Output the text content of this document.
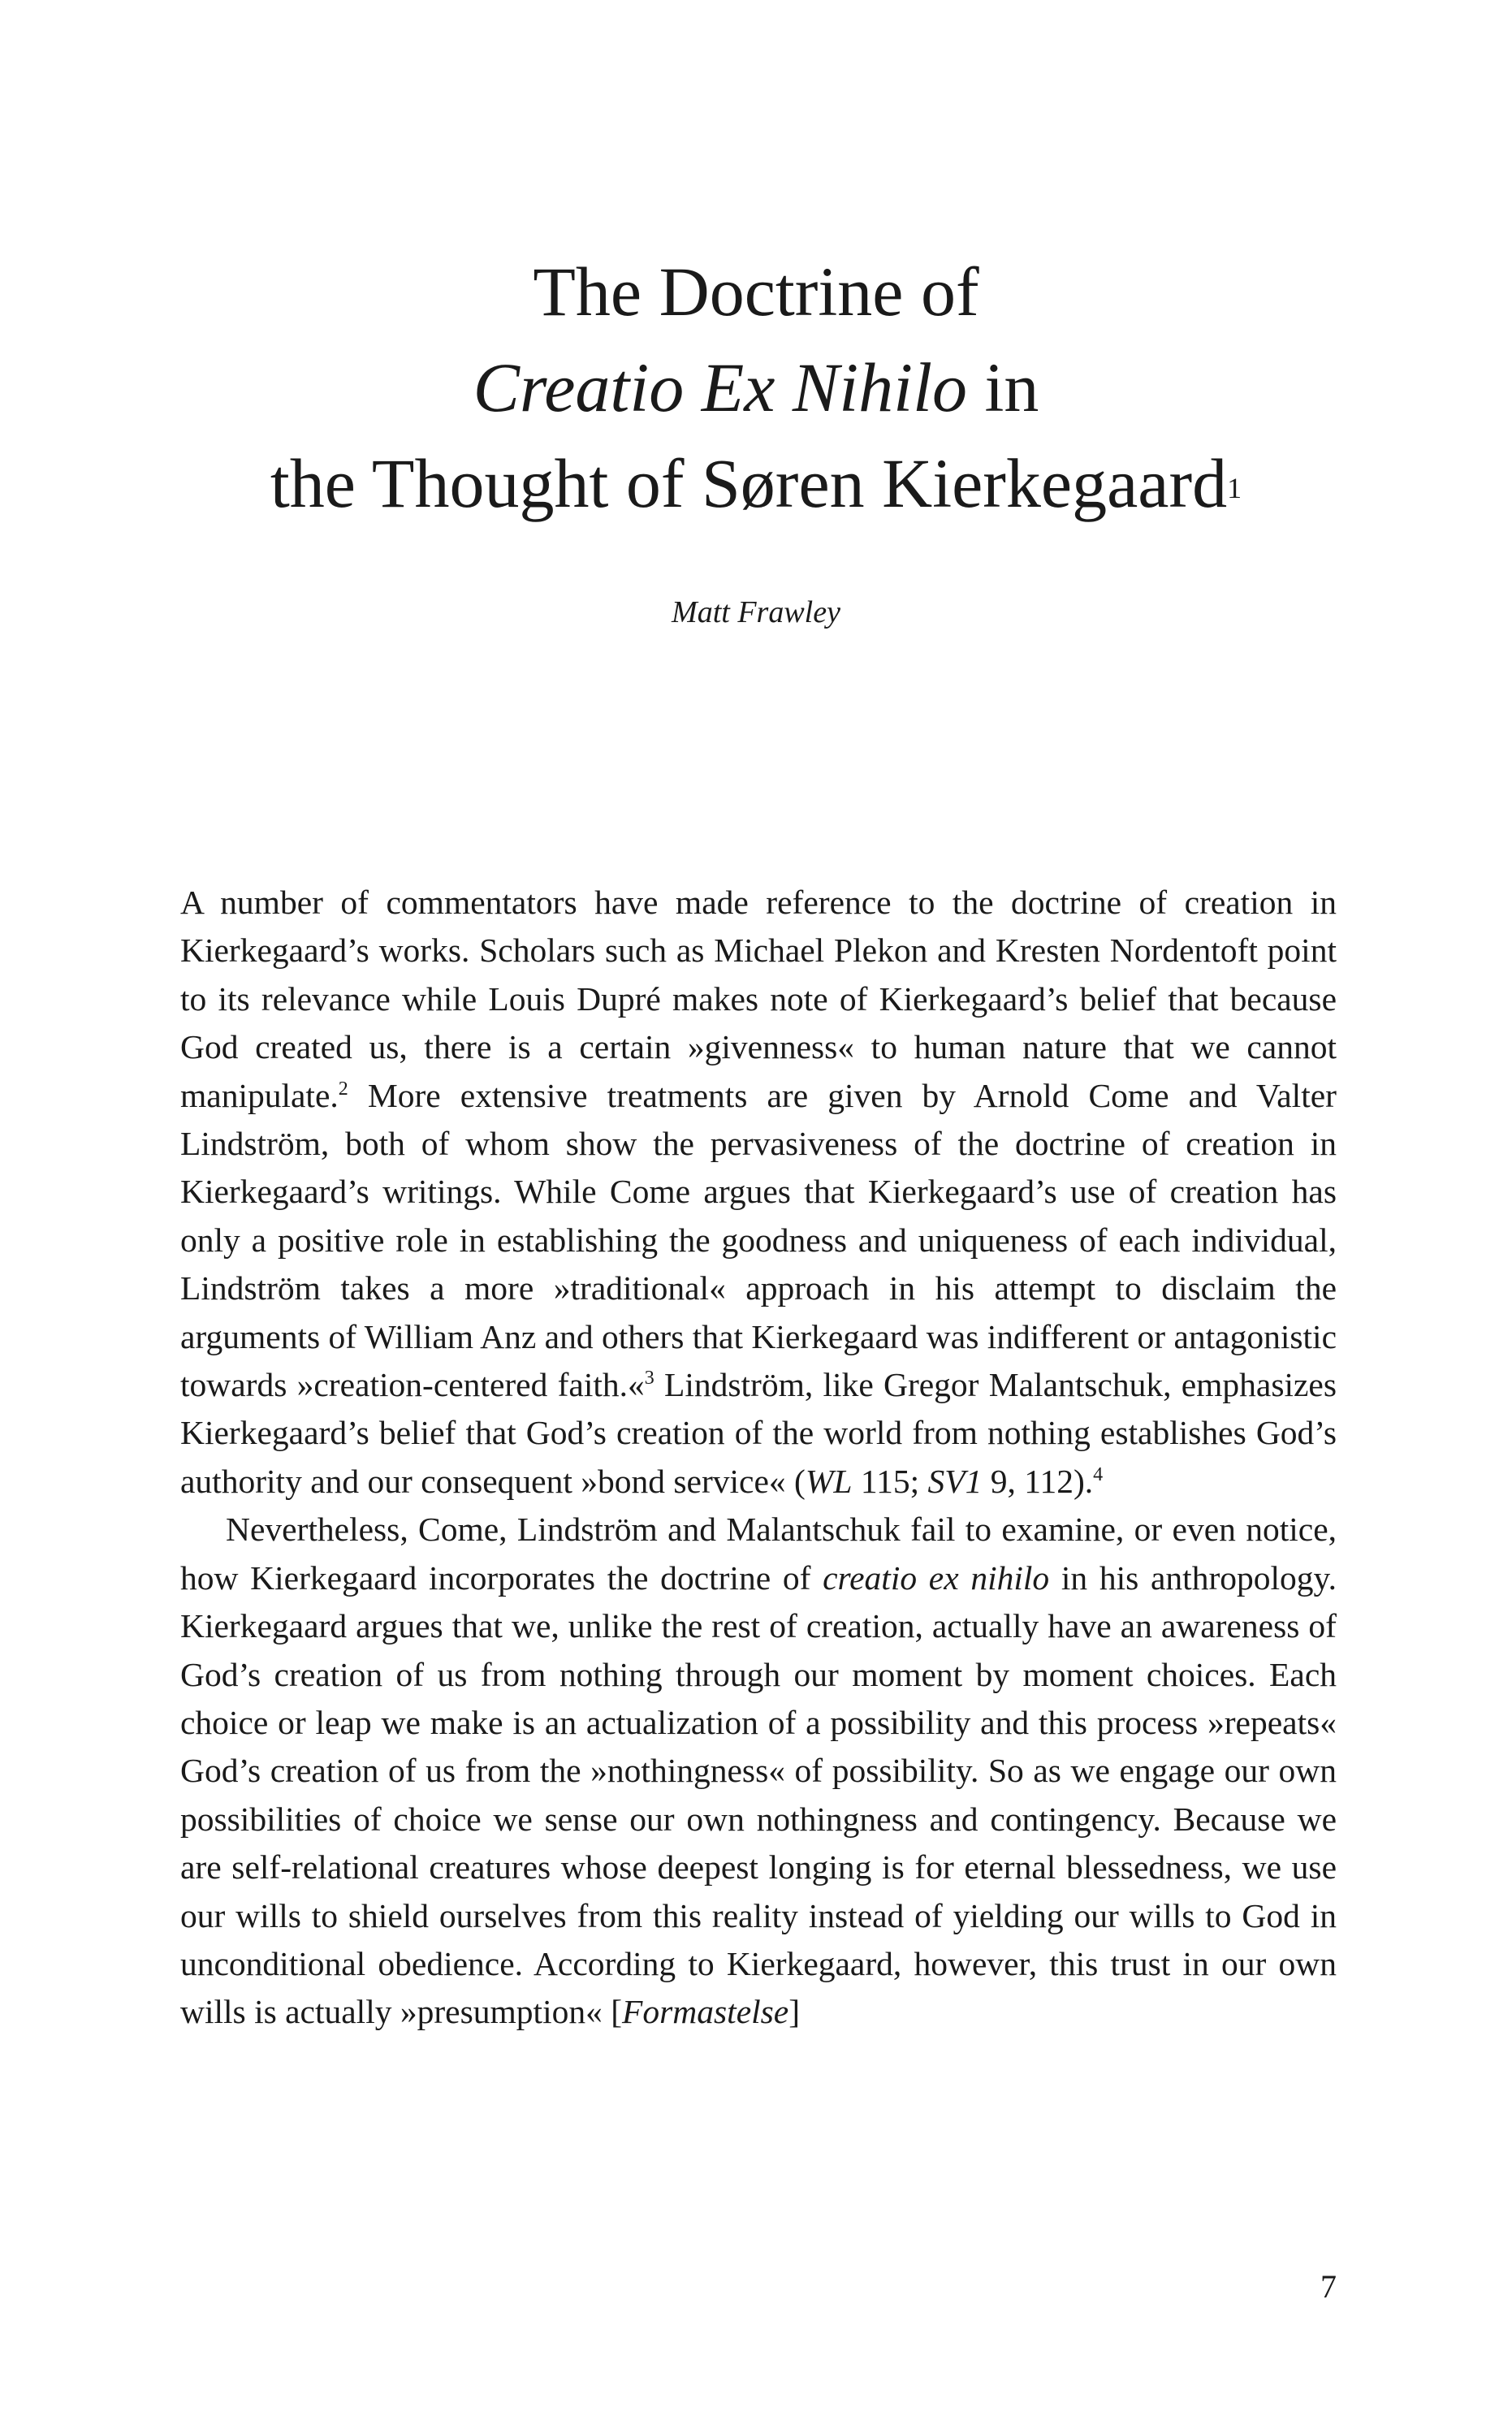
The Doctrine of
Creatio Ex Nihilo in
the Thought of Søren Kierkegaard$^1$
Matt Frawley

A number of commentators have made reference to the doctrine of creation in Kierkegaard’s works. Scholars such as Michael Plekon and Kresten Nordentoft point to its relevance while Louis Dupré makes note of Kierkegaard’s belief that because God created us, there is a certain »givenness« to human nature that we cannot manipulate.$^2$ More extensive treatments are given by Arnold Come and Valter Lindström, both of whom show the pervasiveness of the doctrine of creation in Kierkegaard’s writings. While Come argues that Kierkegaard’s use of creation has only a positive role in establishing the goodness and uniqueness of each individual, Lindström takes a more »traditional« approach in his attempt to disclaim the arguments of William Anz and others that Kierkegaard was indifferent or antagonistic towards »creation-centered faith.«$^3$ Lindström, like Gregor Malantschuk, emphasizes Kierkegaard’s belief that God’s creation of the world from nothing establishes God’s authority and our consequent »bond service« (WL 115; SV1 9, 112).$^4$

Nevertheless, Come, Lindström and Malantschuk fail to examine, or even notice, how Kierkegaard incorporates the doctrine of creatio ex nihilo in his anthropology. Kierkegaard argues that we, unlike the rest of creation, actually have an awareness of God’s creation of us from nothing through our moment by moment choices. Each choice or leap we make is an actualization of a possibility and this process »repeats« God’s creation of us from the »nothingness« of possibility. So as we engage our own possibilities of choice we sense our own nothingness and contingency. Because we are self-relational creatures whose deepest longing is for eternal blessedness, we use our wills to shield ourselves from this reality instead of yielding our wills to God in unconditional obedience. According to Kierkegaard, however, this trust in our own wills is actually »presumption« [Formastelse]

7
